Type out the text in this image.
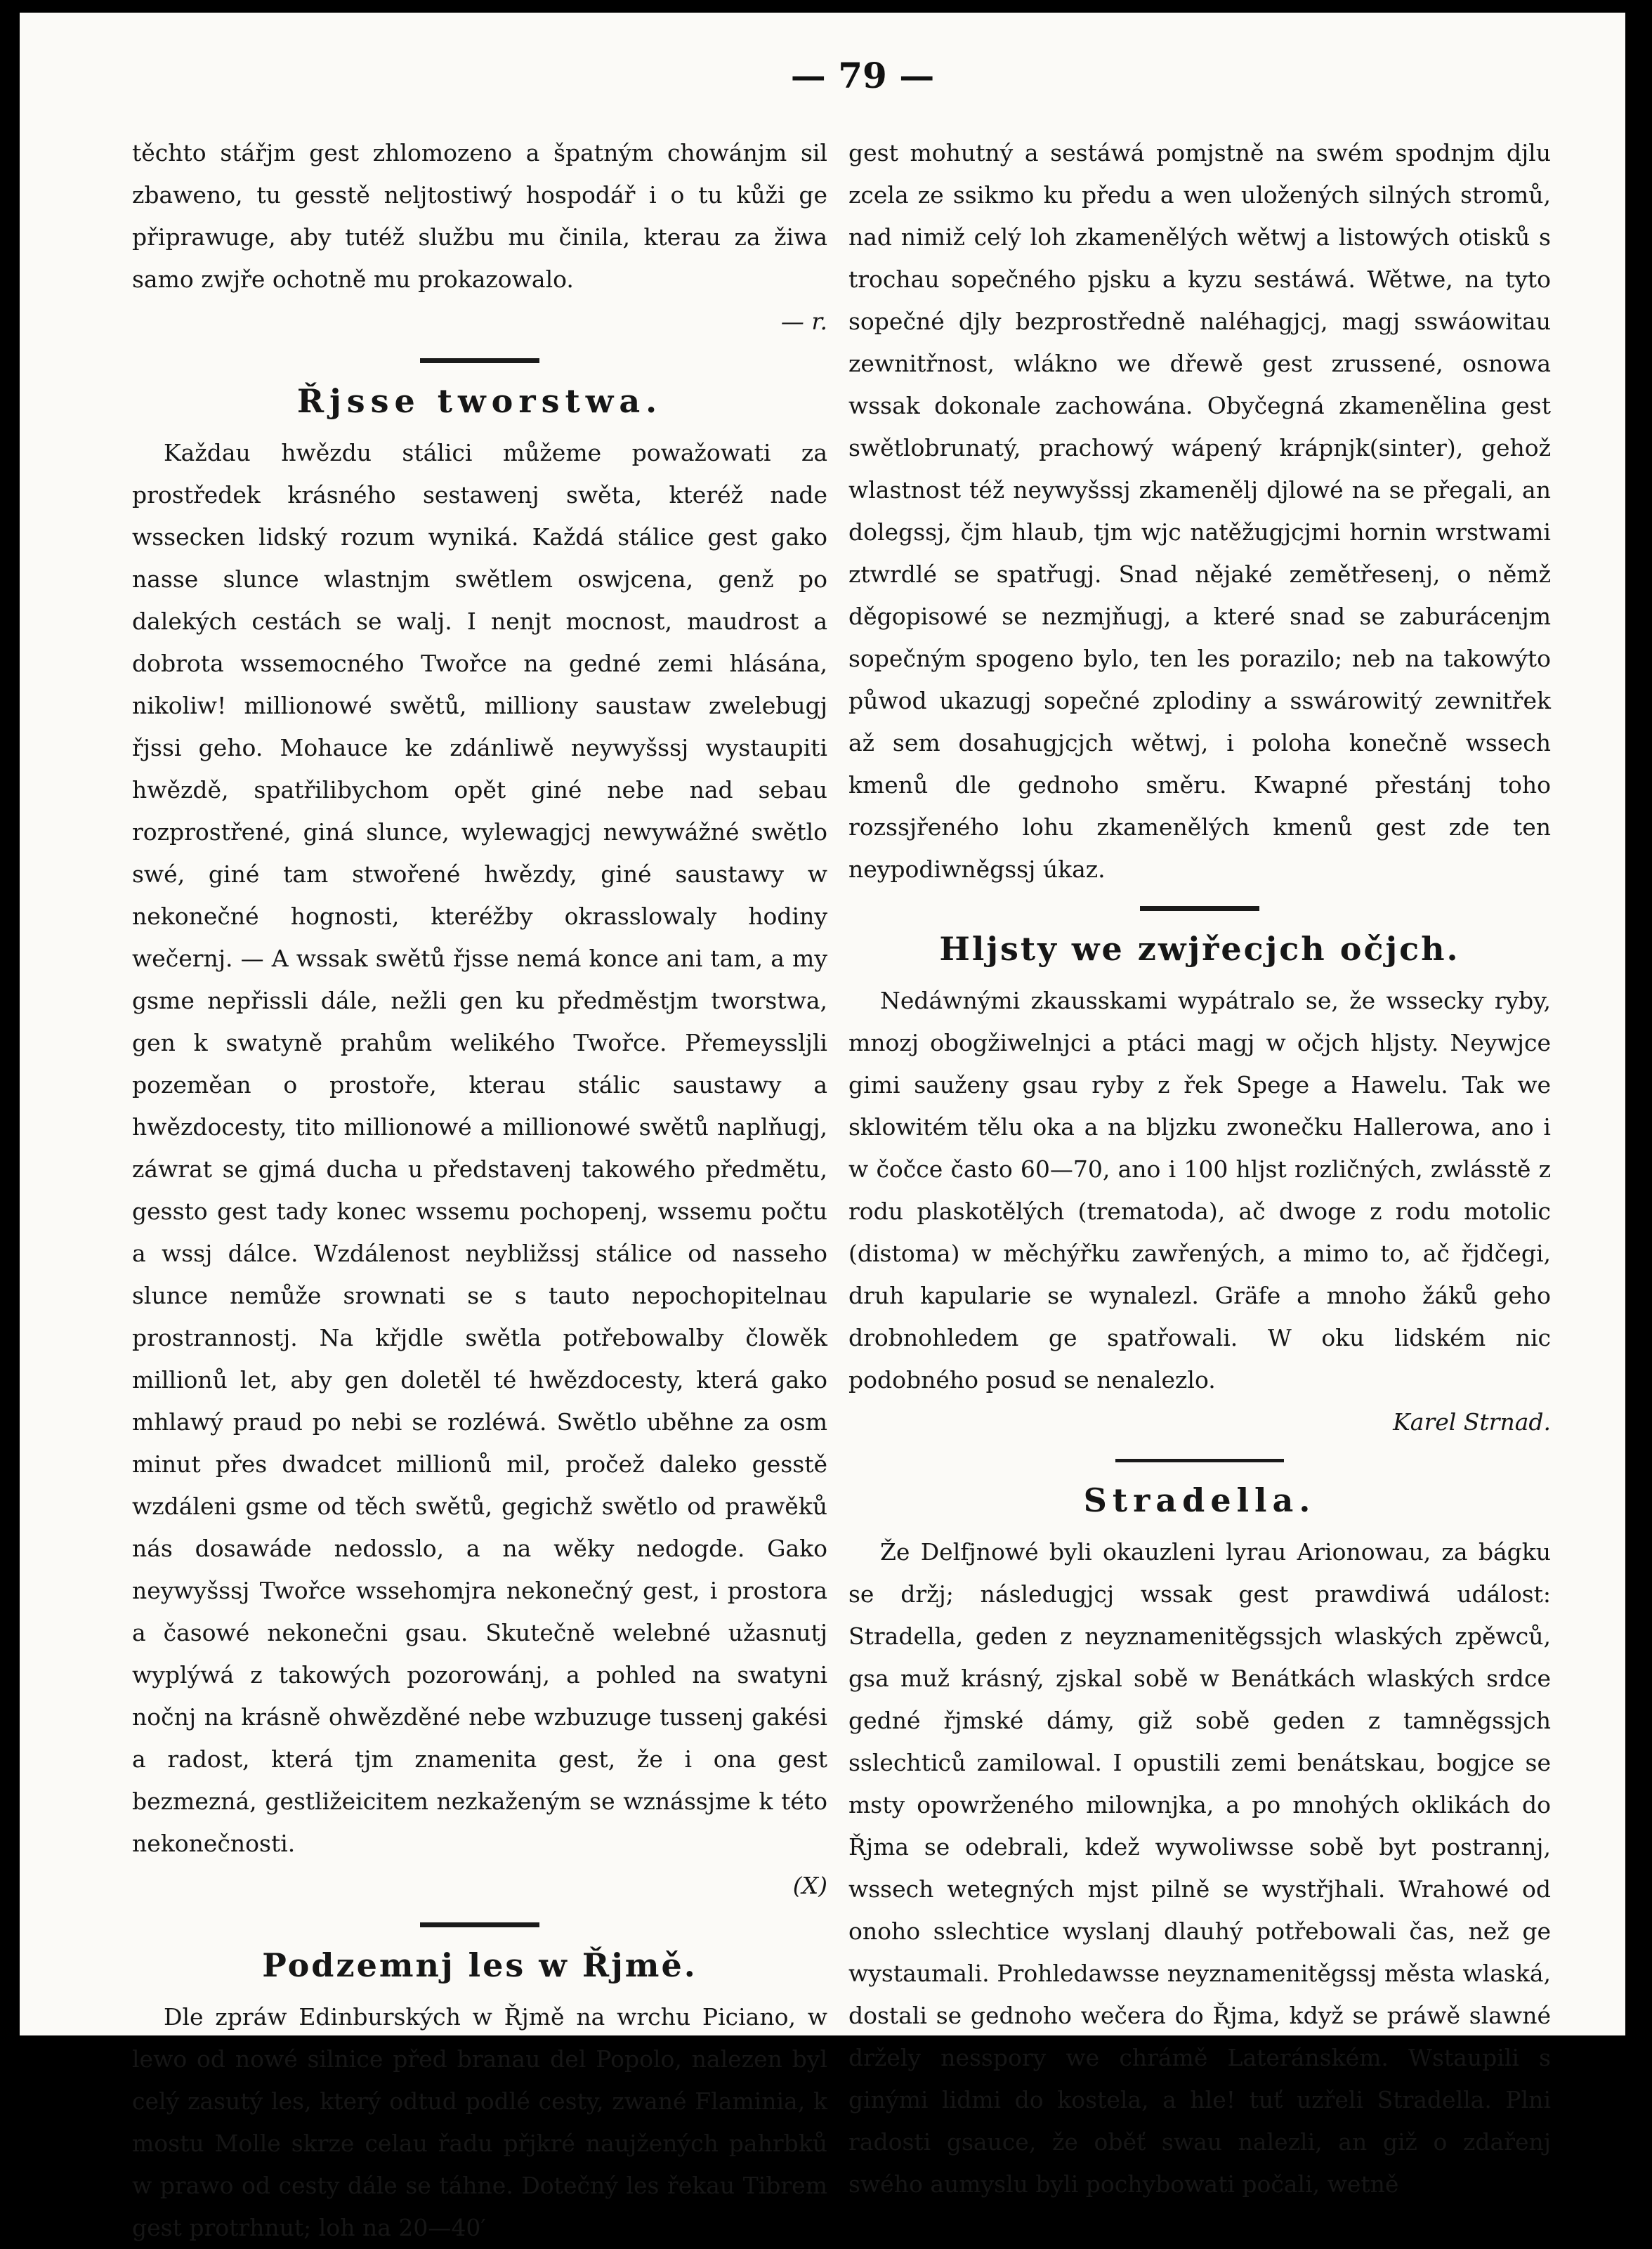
— 79 —

těchto stářjm gest zhlomozeno a špatným chowánjm sil zbaweno, tu gesstě neljtostiwý hospodář i o tu kůži ge připrawuge, aby tutéž službu mu činila, kterau za žiwa samo zwjře ochotně mu prokazowalo.

— r.

Řjsse tworstwa.

Každau hwězdu stálici můžeme powažowati za prostředek krásného sestawenj swěta, kteréž nade wssecken lidský rozum wyniká. Každá stálice gest gako nasse slunce wlastnjm swětlem oswjcena, genž po dalekých cestách se walj. I nenjt mocnost, maudrost a dobrota wssemocného Twořce na gedné zemi hlásána, nikoliw! millionowé swětů, milliony saustaw zwelebugj řjssi geho. Mohauce ke zdánliwě neywyšssj wystaupiti hwězdě, spatřilibychom opět giné nebe nad sebau rozprostřené, giná slunce, wylewagjcj newywážné swětlo swé, giné tam stwořené hwězdy, giné saustawy w nekonečné hognosti, kteréžby okrasslowaly hodiny wečernj. — A wssak swětů řjsse nemá konce ani tam, a my gsme nepřissli dále, nežli gen ku předměstjm tworstwa, gen k swatyně prahům welikého Twořce. Přemeyssljli pozeměan o prostoře, kterau stálic saustawy a hwězdocesty, tito millionowé a millionowé swětů naplňugj, záwrat se gjmá ducha u představenj takowého předmětu, gessto gest tady konec wssemu pochopenj, wssemu počtu a wssj dálce. Wzdálenost neybližssj stálice od nasseho slunce nemůže srownati se s tauto nepochopitelnau prostrannostj. Na křjdle swětla potřebowalby člowěk millionů let, aby gen doletěl té hwězdocesty, která gako mhlawý praud po nebi se rozléwá. Swětlo uběhne za osm minut přes dwadcet millionů mil, pročež daleko gesstě wzdáleni gsme od těch swětů, gegichž swětlo od prawěků nás dosawáde nedosslo, a na wěky nedogde. Gako neywyšssj Twořce wssehomjra nekonečný gest, i prostora a časowé nekonečni gsau. Skutečně welebné užasnutj wyplýwá z takowých pozorowánj, a pohled na swatyni nočnj na krásně ohwězděné nebe wzbuzuge tussenj gakési a radost, která tjm znamenita gest, že i ona gest bezmezná, gestližeicitem nezkaženým se wznássjme k této nekonečnosti.

(X)

Podzemnj les w Řjmě.

Dle zpráw Edinburských w Řjmě na wrchu Piciano, w lewo od nowé silnice před branau del Popolo, nalezen byl celý zasutý les, který odtud podlé cesty, zwané Flaminia, k mostu Molle skrze celau řadu přjkré naujžených pahrbků w prawo od cesty dále se táhne. Dotečný les řekau Tibrem gest protrhnut; loh na 20—40′

gest mohutný a sestáwá pomjstně na swém spodnjm djlu zcela ze ssikmo ku předu a wen uložených silných stromů, nad nimiž celý loh zkamenělých wětwj a listowých otisků s trochau sopečného pjsku a kyzu sestáwá. Wětwe, na tyto sopečné djly bezprostředně naléhagjcj, magj sswáowitau zewnitřnost, wlákno we dřewě gest zrussené, osnowa wssak dokonale zachowána. Obyčegná zkamenělina gest swětlobrunatý, prachowý wápený krápnjk(sinter), gehož wlastnost též neywyšssj zkamenělj djlowé na se přegali, an dolegssj, čjm hlaub, tjm wjc natěžugjcjmi hornin wrstwami ztwrdlé se spatřugj. Snad nějaké zemětřesenj, o němž děgopisowé se nezmjňugj, a které snad se zaburácenjm sopečným spogeno bylo, ten les porazilo; neb na takowýto půwod ukazugj sopečné zplodiny a sswárowitý zewnitřek až sem dosahugjcjch wětwj, i poloha konečně wssech kmenů dle gednoho směru. Kwapné přestánj toho rozssjřeného lohu zkamenělých kmenů gest zde ten neypodiwněgssj úkaz.

Hljsty we zwjřecjch očjch.

Nedáwnými zkausskami wypátralo se, že wssecky ryby, mnozj obogžiwelnjci a ptáci magj w očjch hljsty. Neywjce gimi sauženy gsau ryby z řek Spege a Hawelu. Tak we sklowitém tělu oka a na bljzku zwonečku Hallerowa, ano i w čočce často 60—70, ano i 100 hljst rozličných, zwlásstě z rodu plaskotělých (trematoda), ač dwoge z rodu motolic (distoma) w měchýřku zawřených, a mimo to, ač řjdčegi, druh kapularie se wynalezl. Gräfe a mnoho žáků geho drobnohledem ge spatřowali. W oku lidském nic podobného posud se nenalezlo.

Karel Strnad.

Stradella.

Že Delfjnowé byli okauzleni lyrau Arionowau, za bágku se držj; následugjcj wssak gest prawdiwá událost: Stradella, geden z neyznamenitěgssjch wlaských zpěwců, gsa muž krásný, zjskal sobě w Benátkách wlaských srdce gedné řjmské dámy, giž sobě geden z tamněgssjch sslechticů zamilowal. I opustili zemi benátskau, bogjce se msty opowrženého milownjka, a po mnohých oklikách do Řjma se odebrali, kdež wywoliwsse sobě byt postrannj, wssech wetegných mjst pilně se wystřjhali. Wrahowé od onoho sslechtice wyslanj dlauhý potřebowali čas, než ge wystaumali. Prohledawsse neyznamenitěgssj města wlaská, dostali se gednoho wečera do Řjma, když se práwě slawné držely nesspory we chrámě Lateránském. Wstaupili s ginými lidmi do kostela, a hle! tuť uzřeli Stradella. Plni radosti gsauce, že oběť swau nalezli, an giž o zdařenj swého aumyslu byli pochybowati počali, wetně
